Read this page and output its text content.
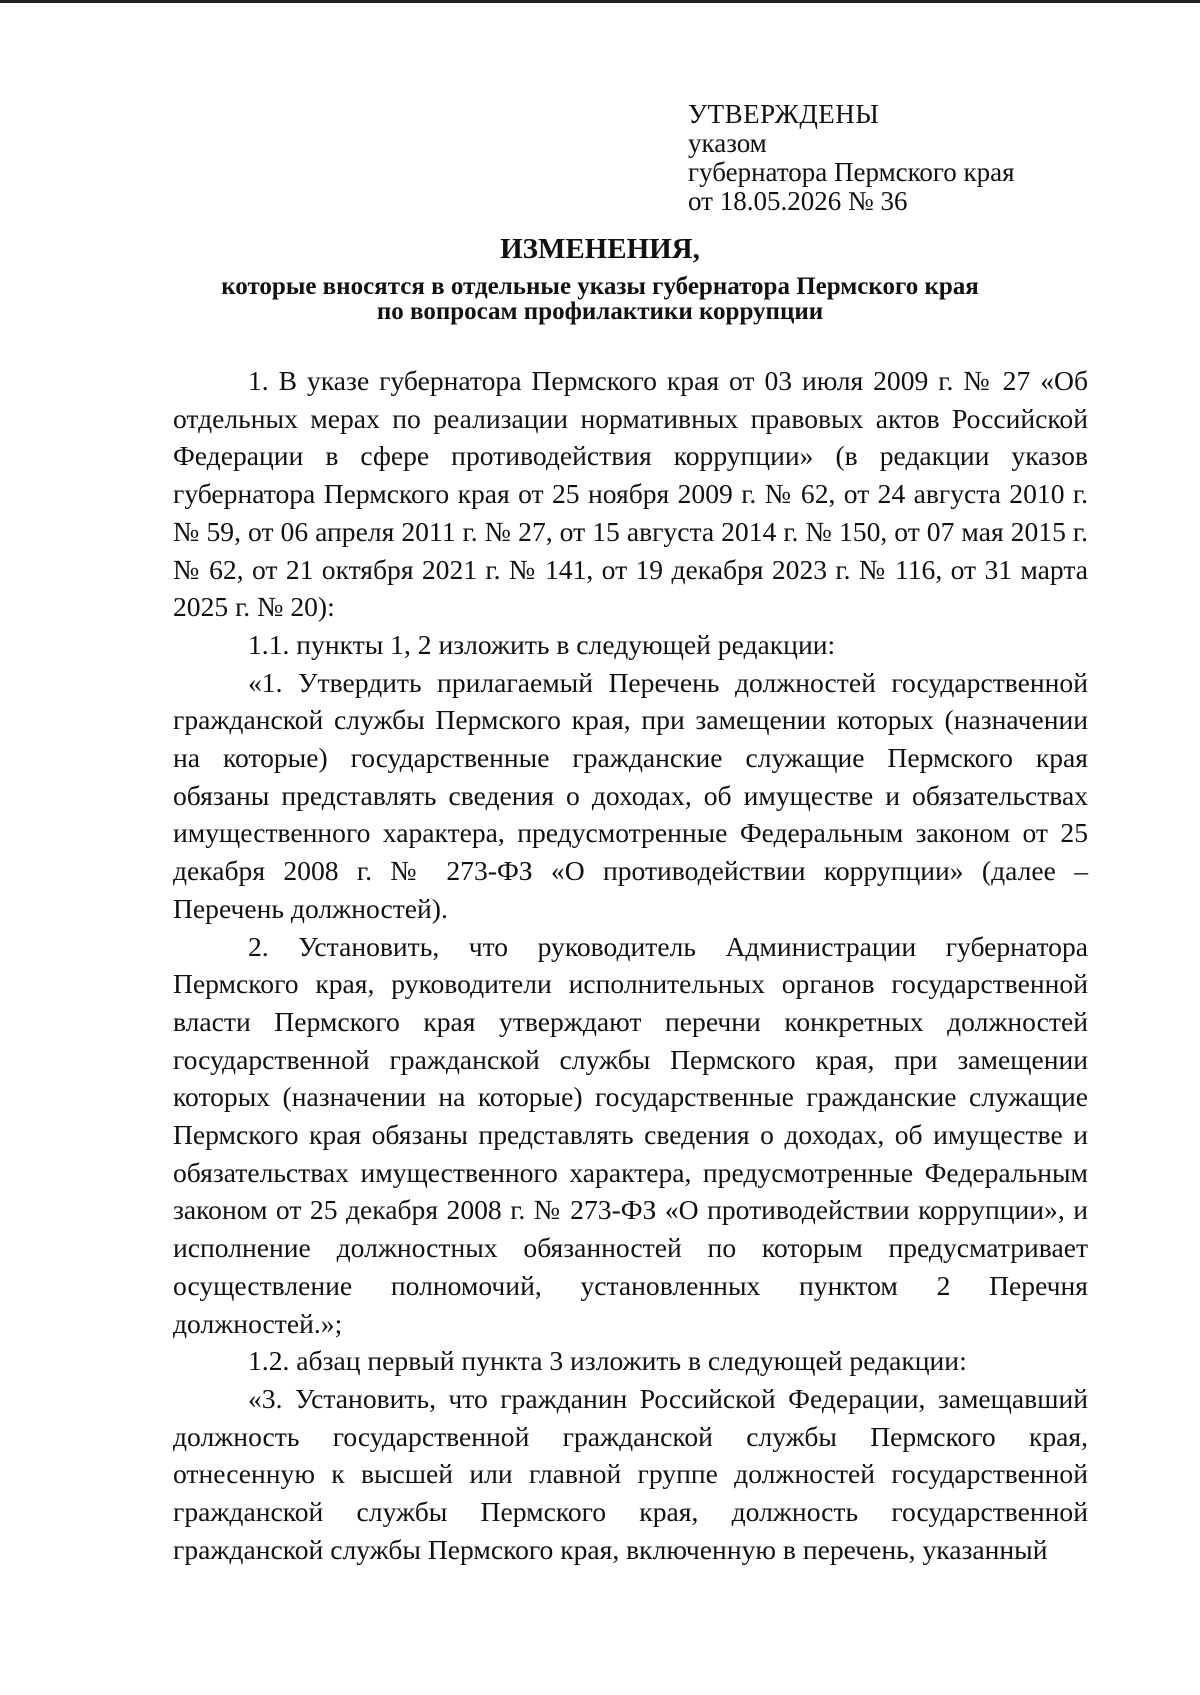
УТВЕРЖДЕНЫ
указом
губернатора Пермского края
от 18.05.2026 № 36
ИЗМЕНЕНИЯ,
которые вносятся в отдельные указы губернатора Пермского края
по вопросам профилактики коррупции

1. В указе губернатора Пермского края от 03 июля 2009 г. № 27 «Об отдельных мерах по реализации нормативных правовых актов Российской Федерации в сфере противодействия коррупции» (в редакции указов губернатора Пермского края от 25 ноября 2009 г. № 62, от 24 августа 2010 г. № 59, от 06 апреля 2011 г. № 27, от 15 августа 2014 г. № 150, от 07 мая 2015 г. № 62, от 21 октября 2021 г. № 141, от 19 декабря 2023 г. № 116, от 31 марта 2025 г. № 20):

1.1. пункты 1, 2 изложить в следующей редакции:

«1. Утвердить прилагаемый Перечень должностей государственной гражданской службы Пермского края, при замещении которых (назначении на которые) государственные гражданские служащие Пермского края обязаны представлять сведения о доходах, об имуществе и обязательствах имущественного характера, предусмотренные Федеральным законом от 25 декабря 2008 г. № 273-ФЗ «О противодействии коррупции» (далее – Перечень должностей).

2. Установить, что руководитель Администрации губернатора Пермского края, руководители исполнительных органов государственной власти Пермского края утверждают перечни конкретных должностей государственной гражданской службы Пермского края, при замещении которых (назначении на которые) государственные гражданские служащие Пермского края обязаны представлять сведения о доходах, об имуществе и обязательствах имущественного характера, предусмотренные Федеральным законом от 25 декабря 2008 г. № 273-ФЗ «О противодействии коррупции», и исполнение должностных обязанностей по которым предусматривает осуществление полномочий, установленных пунктом 2 Перечня должностей.»;

1.2. абзац первый пункта 3 изложить в следующей редакции:

«3. Установить, что гражданин Российской Федерации, замещавший должность государственной гражданской службы Пермского края, отнесенную к высшей или главной группе должностей государственной гражданской службы Пермского края, должность государственной гражданской службы Пермского края, включенную в перечень, указанный
